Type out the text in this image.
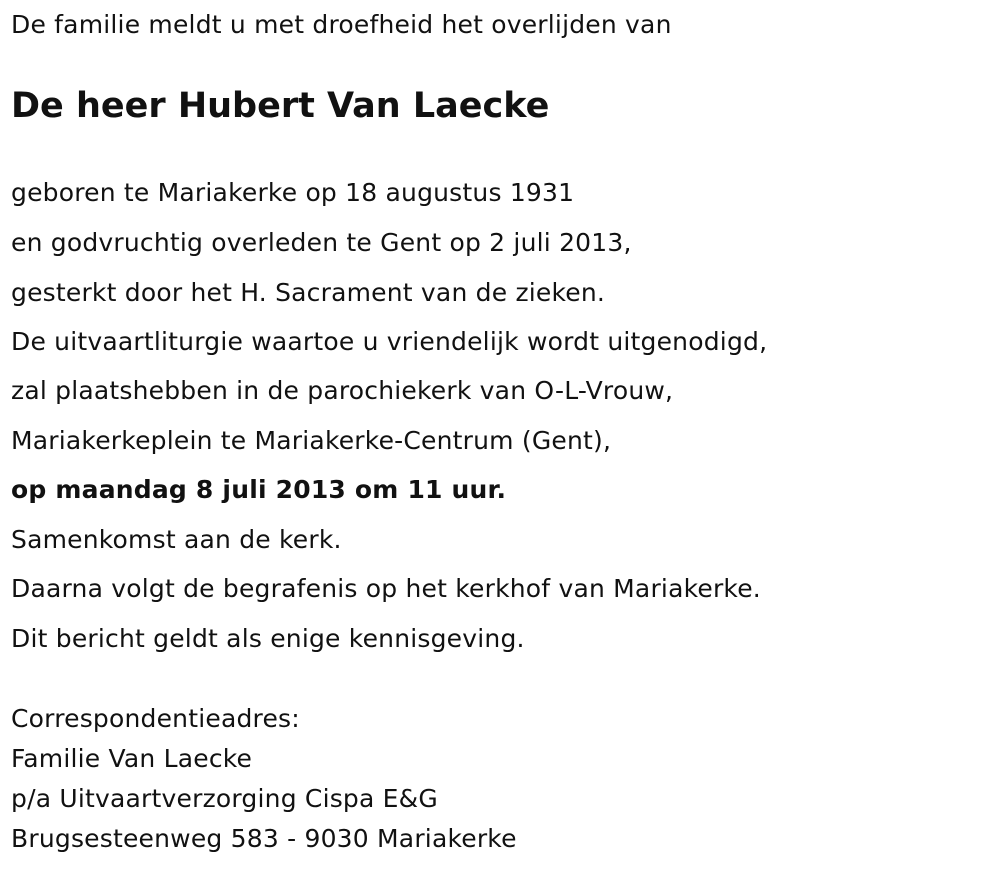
De familie meldt u met droefheid het overlijden van
De heer Hubert Van Laecke
geboren te Mariakerke op 18 augustus 1931
en godvruchtig overleden te Gent op 2 juli 2013,
gesterkt door het H. Sacrament van de zieken.
De uitvaartliturgie waartoe u vriendelijk wordt uitgenodigd,
zal plaatshebben in de parochiekerk van O-L-Vrouw,
Mariakerkeplein te Mariakerke-Centrum (Gent),
op maandag 8 juli 2013 om 11 uur.
Samenkomst aan de kerk.
Daarna volgt de begrafenis op het kerkhof van Mariakerke.
Dit bericht geldt als enige kennisgeving.
Correspondentieadres:
Familie Van Laecke
p/a Uitvaartverzorging Cispa E&G
Brugsesteenweg 583 - 9030 Mariakerke
